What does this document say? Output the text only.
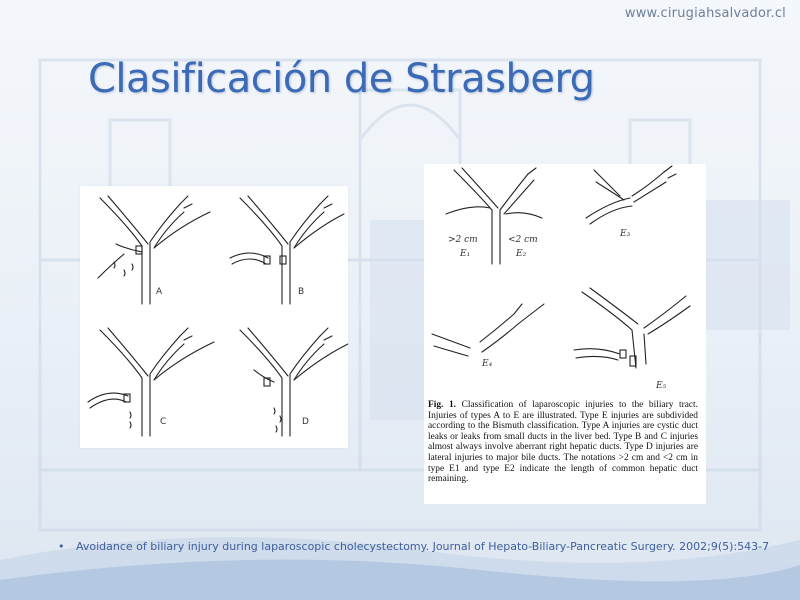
www.cirugiahsalvador.cl
Clasificación de Strasberg
A	B
C	D
>2 cm
E₁
<2 cm
E₂
E₃
E₄
E₅
Fig. 1. Classification of laparoscopic injuries to the biliary tract. Injuries of types A to E are illustrated. Type E injuries are subdivided according to the Bismuth classification. Type A injuries are cystic duct leaks or leaks from small ducts in the liver bed. Type B and C injuries almost always involve aberrant right hepatic ducts. Type D injuries are lateral injuries to major bile ducts. The notations >2 cm and <2 cm in type E1 and type E2 indicate the length of common hepatic duct remaining.
• Avoidance of biliary injury during laparoscopic cholecystectomy. Journal of Hepato-Biliary-Pancreatic Surgery. 2002;9(5):543-7
